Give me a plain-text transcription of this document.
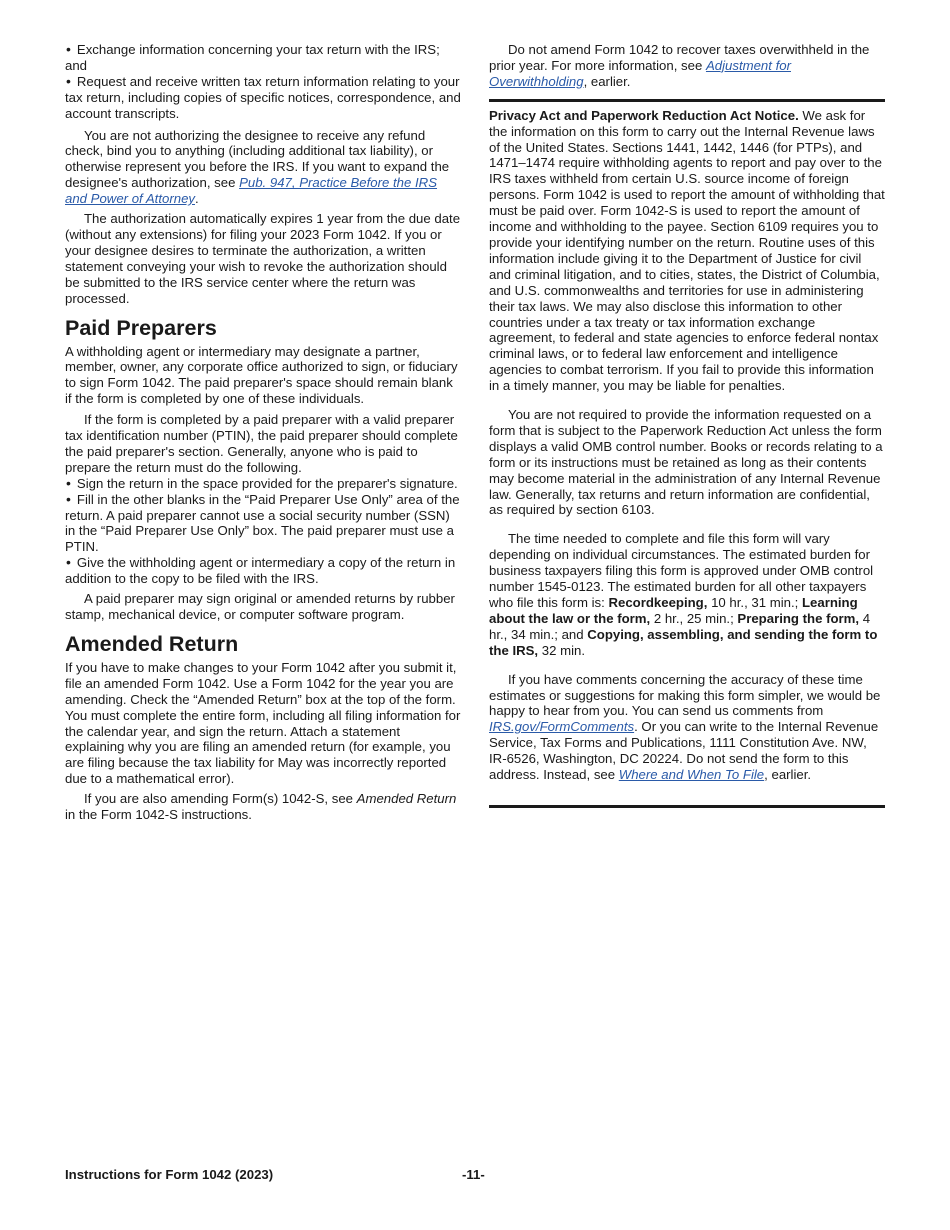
• Exchange information concerning your tax return with the IRS; and

• Request and receive written tax return information relating to your tax return, including copies of specific notices, correspondence, and account transcripts.

You are not authorizing the designee to receive any refund check, bind you to anything (including additional tax liability), or otherwise represent you before the IRS. If you want to expand the designee's authorization, see Pub. 947, Practice Before the IRS and Power of Attorney.

The authorization automatically expires 1 year from the due date (without any extensions) for filing your 2023 Form 1042. If you or your designee desires to terminate the authorization, a written statement conveying your wish to revoke the authorization should be submitted to the IRS service center where the return was processed.

Paid Preparers

A withholding agent or intermediary may designate a partner, member, owner, any corporate office authorized to sign, or fiduciary to sign Form 1042. The paid preparer's space should remain blank if the form is completed by one of these individuals.

If the form is completed by a paid preparer with a valid preparer tax identification number (PTIN), the paid preparer should complete the paid preparer's section. Generally, anyone who is paid to prepare the return must do the following.

• Sign the return in the space provided for the preparer's signature.

• Fill in the other blanks in the “Paid Preparer Use Only” area of the return. A paid preparer cannot use a social security number (SSN) in the “Paid Preparer Use Only” box. The paid preparer must use a PTIN.

• Give the withholding agent or intermediary a copy of the return in addition to the copy to be filed with the IRS.

A paid preparer may sign original or amended returns by rubber stamp, mechanical device, or computer software program.

Amended Return

If you have to make changes to your Form 1042 after you submit it, file an amended Form 1042. Use a Form 1042 for the year you are amending. Check the “Amended Return” box at the top of the form. You must complete the entire form, including all filing information for the calendar year, and sign the return. Attach a statement explaining why you are filing an amended return (for example, you are filing because the tax liability for May was incorrectly reported due to a mathematical error).

If you are also amending Form(s) 1042-S, see Amended Return in the Form 1042-S instructions.

Do not amend Form 1042 to recover taxes overwithheld in the prior year. For more information, see Adjustment for Overwithholding, earlier.

Privacy Act and Paperwork Reduction Act Notice. We ask for the information on this form to carry out the Internal Revenue laws of the United States. Sections 1441, 1442, 1446 (for PTPs), and 1471–1474 require withholding agents to report and pay over to the IRS taxes withheld from certain U.S. source income of foreign persons. Form 1042 is used to report the amount of withholding that must be paid over. Form 1042-S is used to report the amount of income and withholding to the payee. Section 6109 requires you to provide your identifying number on the return. Routine uses of this information include giving it to the Department of Justice for civil and criminal litigation, and to cities, states, the District of Columbia, and U.S. commonwealths and territories for use in administering their tax laws. We may also disclose this information to other countries under a tax treaty or tax information exchange agreement, to federal and state agencies to enforce federal nontax criminal laws, or to federal law enforcement and intelligence agencies to combat terrorism. If you fail to provide this information in a timely manner, you may be liable for penalties.

You are not required to provide the information requested on a form that is subject to the Paperwork Reduction Act unless the form displays a valid OMB control number. Books or records relating to a form or its instructions must be retained as long as their contents may become material in the administration of any Internal Revenue law. Generally, tax returns and return information are confidential, as required by section 6103.

The time needed to complete and file this form will vary depending on individual circumstances. The estimated burden for business taxpayers filing this form is approved under OMB control number 1545-0123. The estimated burden for all other taxpayers who file this form is: Recordkeeping, 10 hr., 31 min.; Learning about the law or the form, 2 hr., 25 min.; Preparing the form, 4 hr., 34 min.; and Copying, assembling, and sending the form to the IRS, 32 min.

If you have comments concerning the accuracy of these time estimates or suggestions for making this form simpler, we would be happy to hear from you. You can send us comments from IRS.gov/FormComments. Or you can write to the Internal Revenue Service, Tax Forms and Publications, 1111 Constitution Ave. NW, IR-6526, Washington, DC 20224. Do not send the form to this address. Instead, see Where and When To File, earlier.

Instructions for Form 1042 (2023)	-11-
